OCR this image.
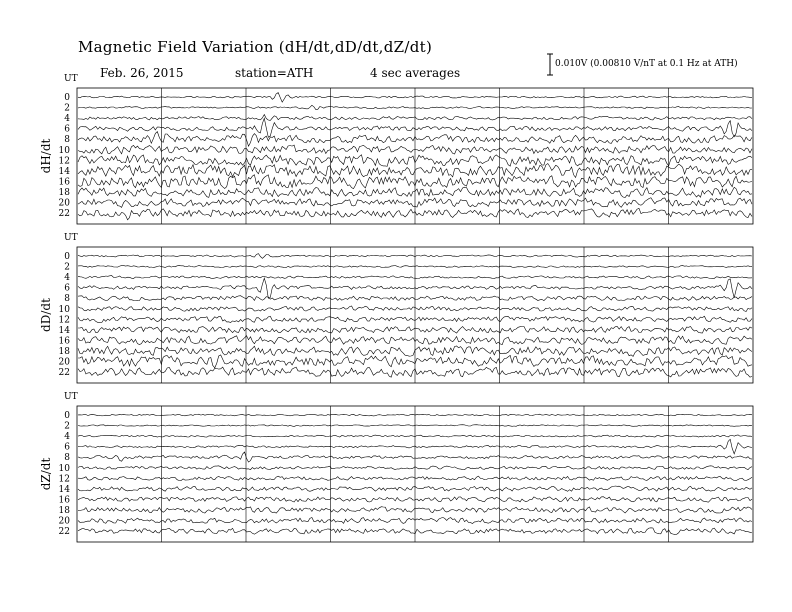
Magnetic Field Variation (dH/dt,dD/dt,dZ/dt)
Feb. 26, 2015	station=ATH	4 sec averages
0.010V (0.00810 V/nT at 0.1 Hz at ATH)
UT
dH/dt
0
2
4
6
8
10
12
14
16
18
20
22
UT
dD/dt
0
2
4
6
8
10
12
14
16
18
20
22
UT
dZ/dt
0
2
4
6
8
10
12
14
16
18
20
22
